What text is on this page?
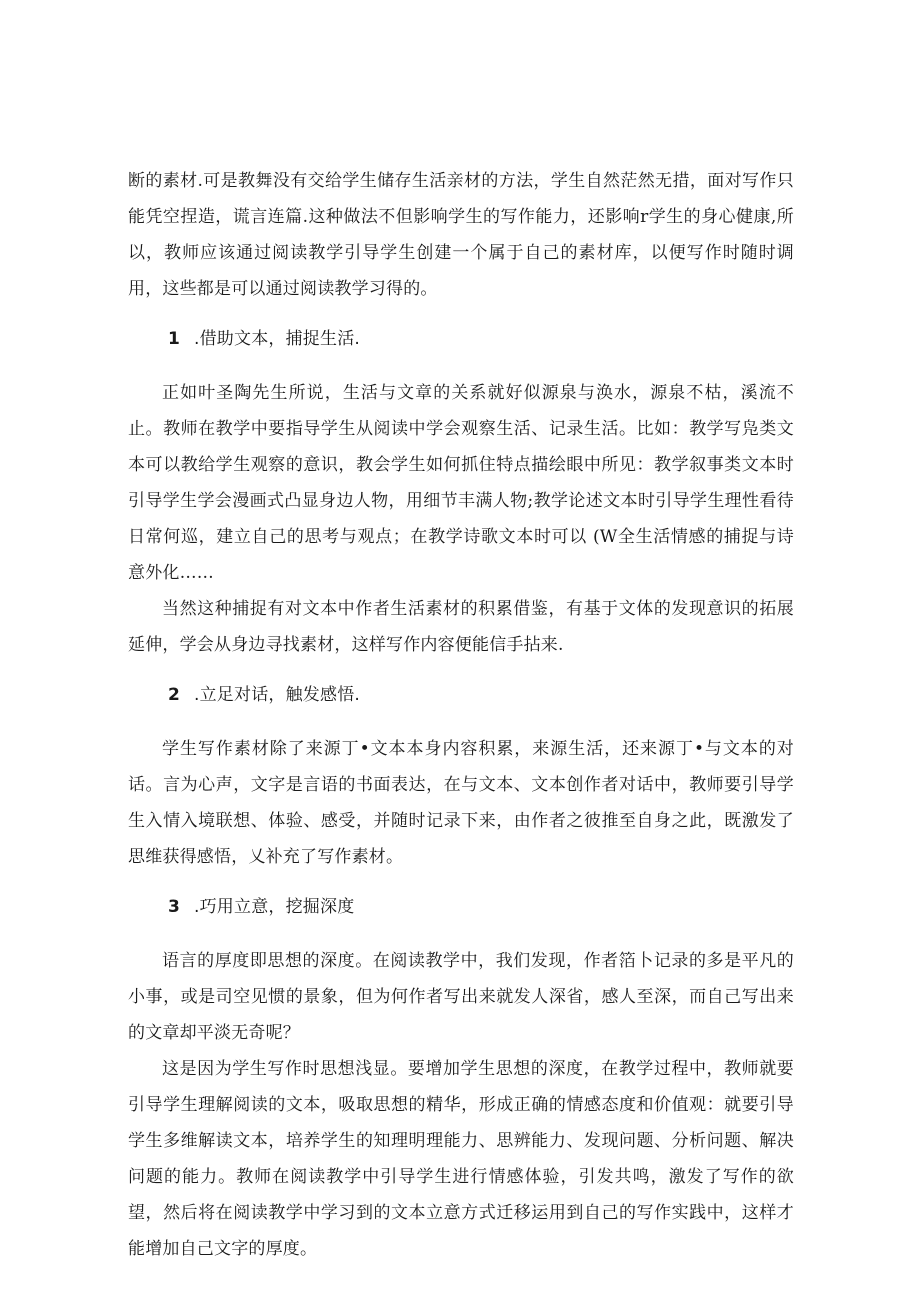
断的素材.可是教舞没有交给学生储存生活亲材的方法，学生自然茫然无措，面对写作只能凭空捏造，谎言连篇.这种做法不但影响学生的写作能力，还影响r学生的身心健康,所以，教师应该通过阅读教学引导学生创建一个属于自己的素材库，以便写作时随时调用，这些都是可以通过阅读教学习得的。

1 .借助文本，捕捉生活.

正如叶圣陶先生所说，生活与文章的关系就好似源泉与涣水，源泉不枯，溪流不止。教师在教学中要指导学生从阅读中学会观察生活、记录生活。比如：教学写凫类文本可以教给学生观察的意识，教会学生如何抓住特点描绘眼中所见：教学叙事类文本时引导学生学会漫画式凸显身边人物，用细节丰满人物;教学论述文本时引导学生理性看待日常何巡，建立自己的思考与观点；在教学诗歌文本时可以 (W全生活情感的捕捉与诗意外化……

当然这种捕捉有对文本中作者生活素材的积累借鉴，有基于文体的发现意识的拓展延伸，学会从身边寻找素材，这样写作内容便能信手拈来.

2 .立足对话，触发感悟.

学生写作素材除了来源丁•文本本身内容积累，来源生活，还来源丁•与文本的对话。言为心声，文字是言语的书面表达，在与文本、文本创作者对话中，教师要引导学生入情入境联想、体验、感受，并随时记录下来，由作者之彼推至自身之此，既激发了思维获得感悟，乂补充了写作素材。

3 .巧用立意，挖掘深度

语言的厚度即思想的深度。在阅读教学中，我们发现，作者箔卜记录的多是平凡的小事，或是司空见惯的景象，但为何作者写出来就发人深省，感人至深，而自己写出来的文章却平淡无奇呢？

这是因为学生写作时思想浅显。要增加学生思想的深度，在教学过程中，教师就要引导学生理解阅读的文本，吸取思想的精华，形成正确的情感态度和价值观：就要引导学生多维解读文本，培养学生的知理明理能力、思辨能力、发现问题、分析问题、解决问题的能力。教师在阅读教学中引导学生进行情感体验，引发共鸣，激发了写作的欲望，然后将在阅读教学中学习到的文本立意方式迁移运用到自己的写作实践中，这样才能增加自己文字的厚度。
